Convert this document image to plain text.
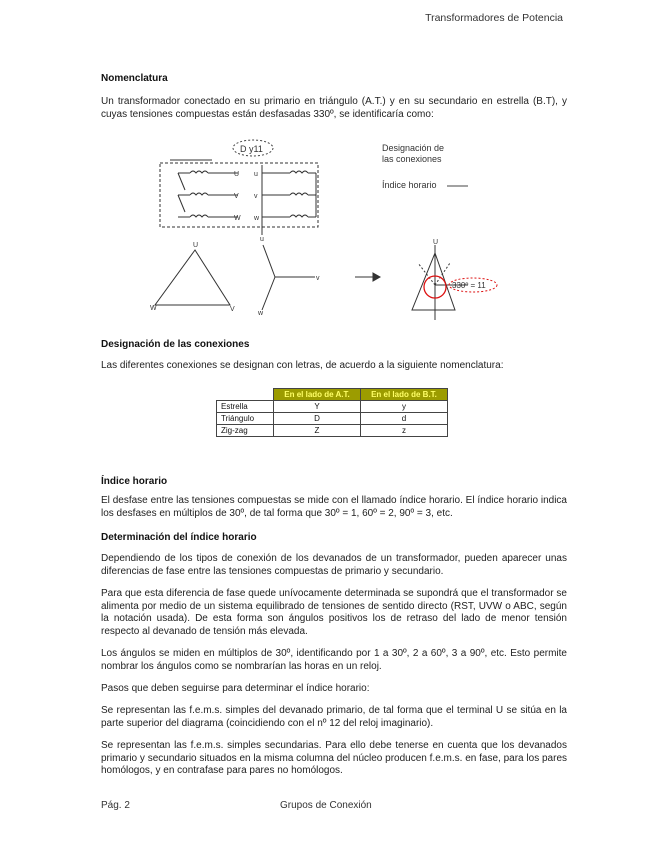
Transformadores de Potencia
Nomenclatura
Un transformador conectado en su primario en triángulo (A.T.) y en su secundario en estrella (B.T), y cuyas tensiones compuestas están desfasadas 330º, se identificaría como:
D y11	Designación de
las conexiones
Índice horario
U
V
W
u
v
w
U
W	V
u
v
w
330º = 11
U
Designación de las conexiones
Las diferentes conexiones se designan con letras, de acuerdo a la siguiente nomenclatura:
	En el lado de A.T.	En el lado de B.T.
Estrella	Y	y
Triángulo	D	d
Zig-zag	Z	z
Índice horario
El desfase entre las tensiones compuestas se mide con el llamado índice horario. El índice horario indica los desfases en múltiplos de 30º, de tal forma que 30º = 1, 60º = 2, 90º = 3, etc.
Determinación del índice horario
Dependiendo de los tipos de conexión de los devanados de un transformador, pueden aparecer unas diferencias de fase entre las tensiones compuestas de primario y secundario.
Para que esta diferencia de fase quede unívocamente determinada se supondrá que el transformador se alimenta por medio de un sistema equilibrado de tensiones de sentido directo (RST, UVW o ABC, según la notación usada). De esta forma son ángulos positivos los de retraso del lado de menor tensión respecto al devanado de tensión más elevada.
Los ángulos se miden en múltiplos de 30º, identificando por 1 a 30º, 2 a 60º, 3 a 90º, etc. Esto permite nombrar los ángulos como se nombrarían las horas en un reloj.
Pasos que deben seguirse para determinar el índice horario:
Se representan las f.e.m.s. simples del devanado primario, de tal forma que el terminal U se sitúa en la parte superior del diagrama (coincidiendo con el nº 12 del reloj imaginario).
Se representan las f.e.m.s. simples secundarias. Para ello debe tenerse en cuenta que los devanados primario y secundario situados en la misma columna del núcleo producen f.e.m.s. en fase, para los pares homólogos, y en contrafase para pares no homólogos.
Pág. 2	Grupos de Conexión
